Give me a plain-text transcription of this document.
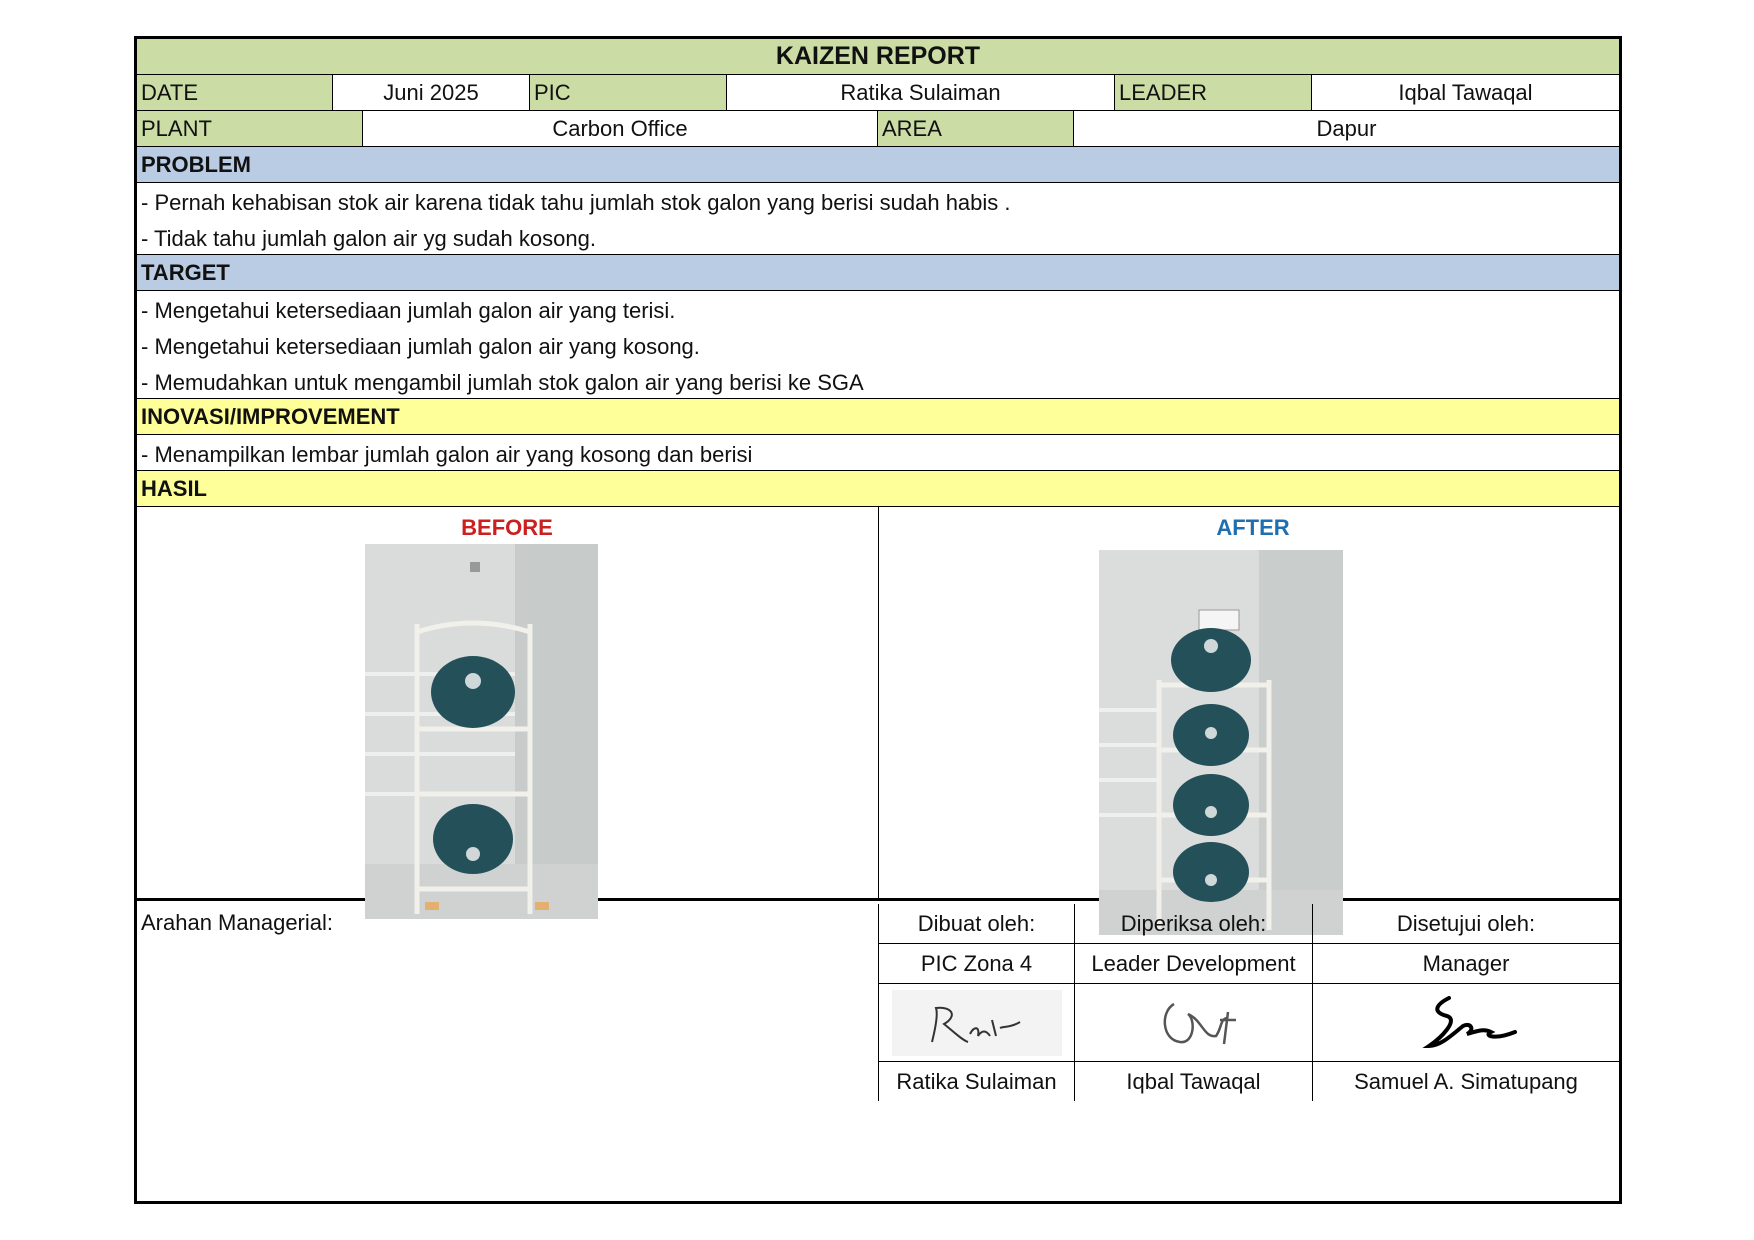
KAIZEN REPORT
DATE	Juni 2025	PIC	Ratika Sulaiman	LEADER	Iqbal Tawaqal
PLANT	Carbon Office	AREA	Dapur
PROBLEM
- Pernah kehabisan stok air karena tidak tahu jumlah stok galon yang berisi sudah habis .
- Tidak tahu jumlah galon air yg sudah kosong.
TARGET
- Mengetahui ketersediaan jumlah galon air yang terisi.
- Mengetahui ketersediaan jumlah galon air yang kosong.
- Memudahkan untuk mengambil jumlah stok galon air yang berisi ke SGA
INOVASI/IMPROVEMENT
- Menampilkan lembar jumlah galon air yang kosong dan berisi
HASIL
BEFORE	AFTER
Arahan Managerial:	Dibuat oleh:	Diperiksa oleh:	Disetujui oleh:
PIC Zona 4	Leader Development	Manager
Ratika Sulaiman	Iqbal Tawaqal	Samuel A. Simatupang
